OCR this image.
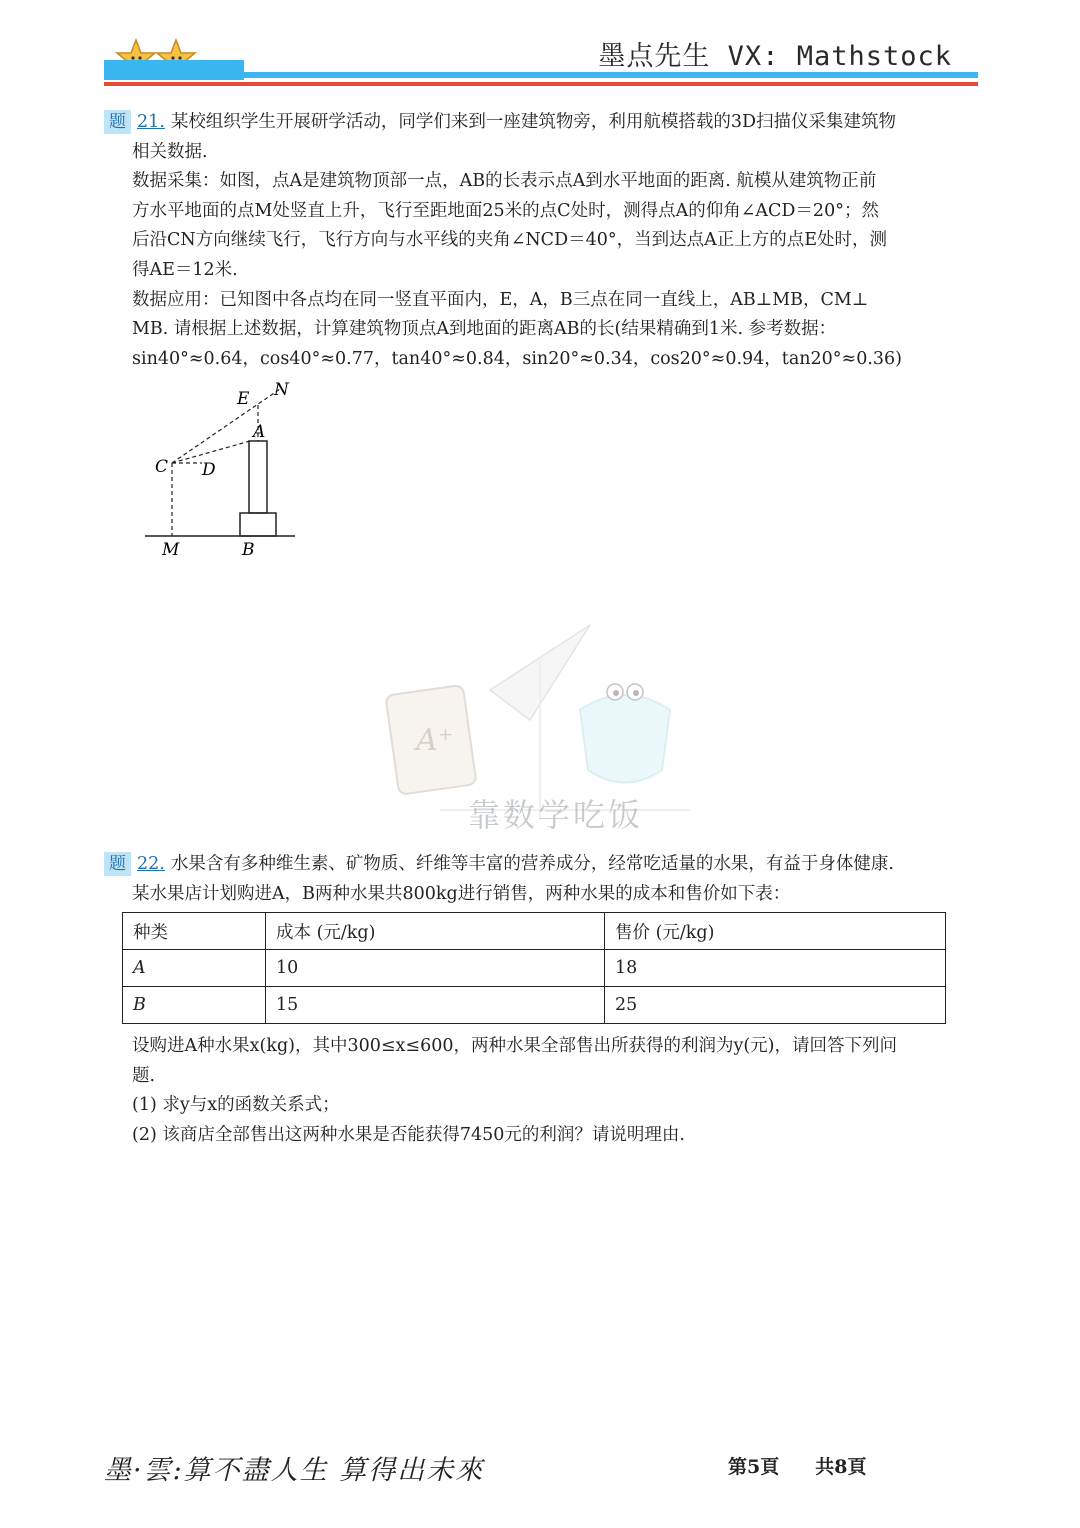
墨点先生 VX: Mathstock

题 21. 某校组织学生开展研学活动，同学们来到一座建筑物旁，利用航模搭载的3D扫描仪采集建筑物

相关数据.

数据采集：如图，点A是建筑物顶部一点，AB的长表示点A到水平地面的距离. 航模从建筑物正前

方水平地面的点M处竖直上升，飞行至距地面25米的点C处时，测得点A的仰角∠ACD＝20°；然

后沿CN方向继续飞行，飞行方向与水平线的夹角∠NCD＝40°，当到达点A正上方的点E处时，测

得AE＝12米.

数据应用：已知图中各点均在同一竖直平面内，E，A，B三点在同一直线上，AB⊥MB，CM⊥

MB. 请根据上述数据，计算建筑物顶点A到地面的距离AB的长(结果精确到1米. 参考数据：

sin40°≈0.64，cos40°≈0.77，tan40°≈0.84，sin20°≈0.34，cos20°≈0.94，tan20°≈0.36)

E N
A
C D
M	B
A⁺
靠数学吃饭

题 22. 水果含有多种维生素、矿物质、纤维等丰富的营养成分，经常吃适量的水果，有益于身体健康.

某水果店计划购进A，B两种水果共800kg进行销售，两种水果的成本和售价如下表：

种类	成本 (元/kg)	售价 (元/kg)
A	10	18
B	15	25

设购进A种水果x(kg)，其中300≤x≤600，两种水果全部售出所获得的利润为y(元)，请回答下列问

题.

(1) 求y与x的函数关系式；

(2) 该商店全部售出这两种水果是否能获得7450元的利润？请说明理由.

墨·雲:算不盡人生 算得出未來	第5頁 共8頁
